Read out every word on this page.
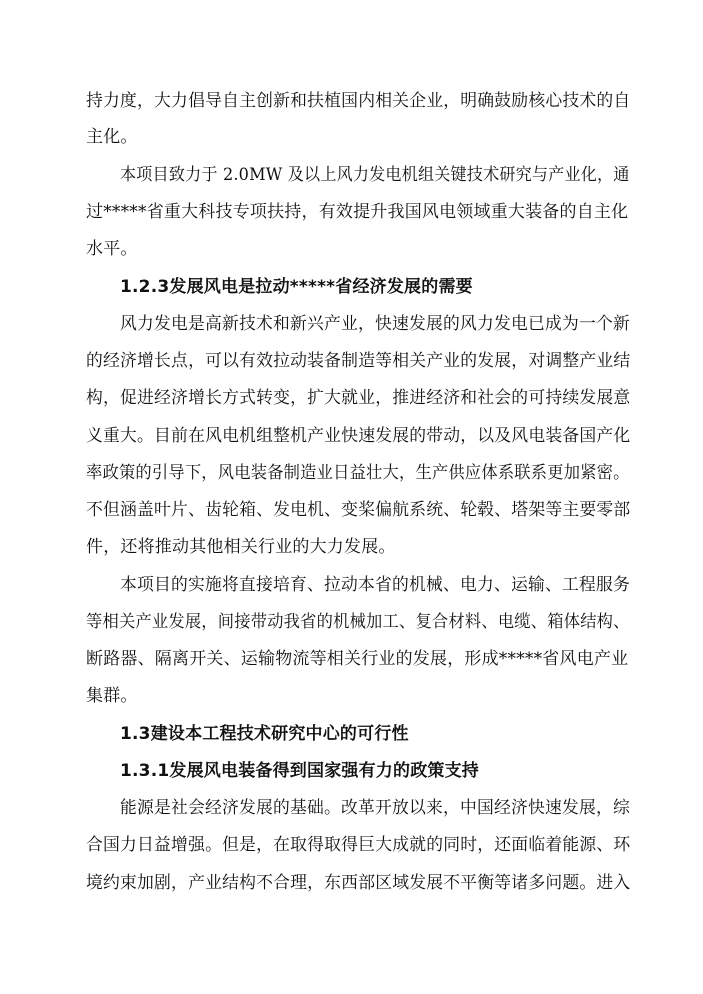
持力度，大力倡导自主创新和扶植国内相关企业，明确鼓励核心技术的自
主化。
本项目致力于 2.0MW 及以上风力发电机组关键技术研究与产业化，通
过*****省重大科技专项扶持，有效提升我国风电领域重大装备的自主化
水平。
1.2.3发展风电是拉动*****省经济发展的需要
风力发电是高新技术和新兴产业，快速发展的风力发电已成为一个新
的经济增长点，可以有效拉动装备制造等相关产业的发展，对调整产业结
构，促进经济增长方式转变，扩大就业，推进经济和社会的可持续发展意
义重大。目前在风电机组整机产业快速发展的带动，以及风电装备国产化
率政策的引导下，风电装备制造业日益壮大，生产供应体系联系更加紧密。
不但涵盖叶片、齿轮箱、发电机、变桨偏航系统、轮毂、塔架等主要零部
件，还将推动其他相关行业的大力发展。
本项目的实施将直接培育、拉动本省的机械、电力、运输、工程服务
等相关产业发展，间接带动我省的机械加工、复合材料、电缆、箱体结构、
断路器、隔离开关、运输物流等相关行业的发展，形成*****省风电产业
集群。
1.3建设本工程技术研究中心的可行性
1.3.1发展风电装备得到国家强有力的政策支持
能源是社会经济发展的基础。改革开放以来，中国经济快速发展，综
合国力日益增强。但是，在取得取得巨大成就的同时，还面临着能源、环
境约束加剧，产业结构不合理，东西部区域发展不平衡等诸多问题。进入
